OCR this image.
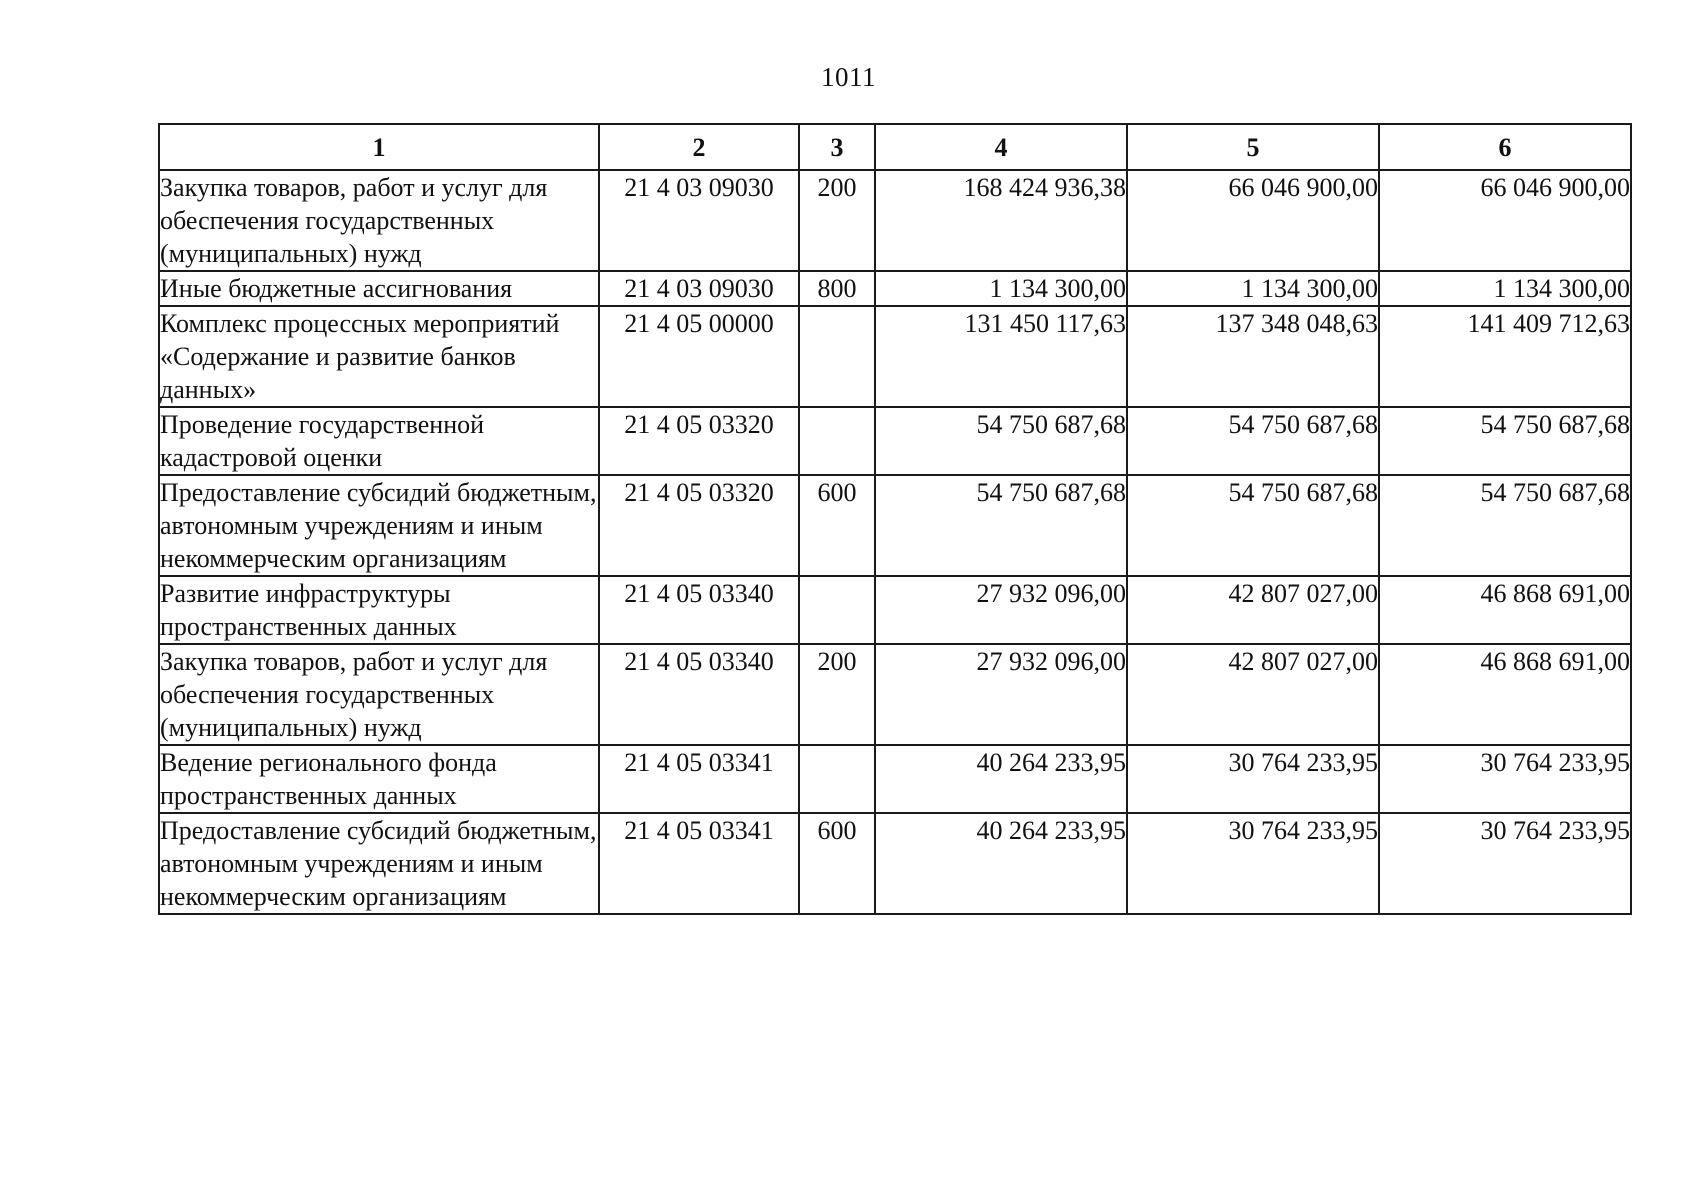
1011
1	2	3	4	5	6
Закупка товаров, работ и услуг для обеспечения государственных (муниципальных) нужд	21 4 03 09030	200	168 424 936,38	66 046 900,00	66 046 900,00
Иные бюджетные ассигнования	21 4 03 09030	800	1 134 300,00	1 134 300,00	1 134 300,00
Комплекс процессных мероприятий «Содержание и развитие банков данных»	21 4 05 00000		131 450 117,63	137 348 048,63	141 409 712,63
Проведение государственной кадастровой оценки	21 4 05 03320		54 750 687,68	54 750 687,68	54 750 687,68
Предоставление субсидий бюджетным, автономным учреждениям и иным некоммерческим организациям	21 4 05 03320	600	54 750 687,68	54 750 687,68	54 750 687,68
Развитие инфраструктуры пространственных данных	21 4 05 03340		27 932 096,00	42 807 027,00	46 868 691,00
Закупка товаров, работ и услуг для обеспечения государственных (муниципальных) нужд	21 4 05 03340	200	27 932 096,00	42 807 027,00	46 868 691,00
Ведение регионального фонда пространственных данных	21 4 05 03341		40 264 233,95	30 764 233,95	30 764 233,95
Предоставление субсидий бюджетным, автономным учреждениям и иным некоммерческим организациям	21 4 05 03341	600	40 264 233,95	30 764 233,95	30 764 233,95
